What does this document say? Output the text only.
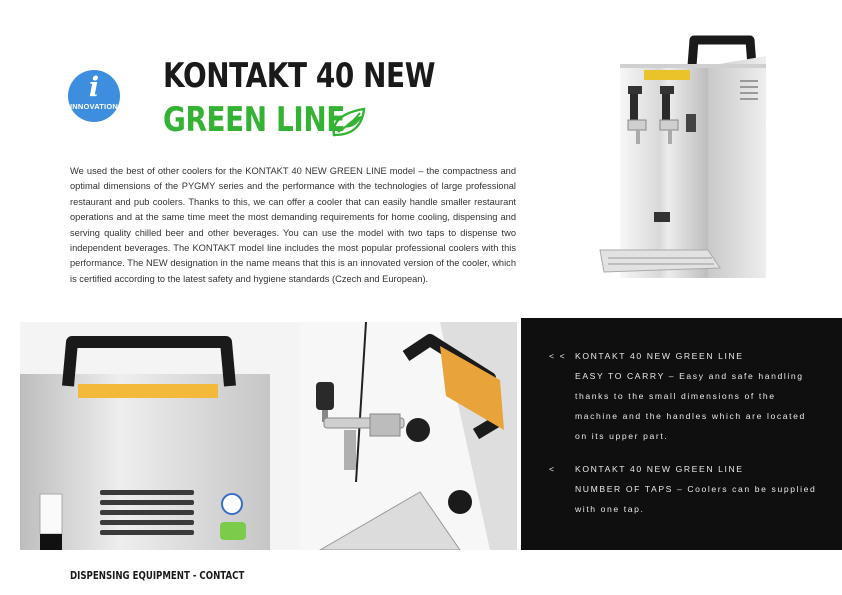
i
INNOVATION
KONTAKT 40 NEW
GREEN LINE

We used the best of other coolers for the KONTAKT 40 NEW GREEN LINE model – the compactness and optimal dimensions of the PYGMY series and the performance with the technologies of large professional restaurant and pub coolers. Thanks to this, we can offer a cooler that can easily handle smaller restaurant operations and at the same time meet the most demanding requirements for home cooling, dispensing and serving quality chilled beer and other beverages. You can use the model with two taps to dispense two independent beverages. The KONTAKT model line includes the most popular professional coolers with this performance. The NEW designation in the name means that this is an innovated version of the cooler, which is certified according to the latest safety and hygiene standards (Czech and European).

< <	KONTAKT 40 NEW GREEN LINE
EASY TO CARRY – Easy and safe handling
thanks to the small dimensions of the
machine and the handles which are located
on its upper part.
<	KONTAKT 40 NEW GREEN LINE
NUMBER OF TAPS – Coolers can be supplied
with one tap.
DISPENSING EQUIPMENT - CONTACT
